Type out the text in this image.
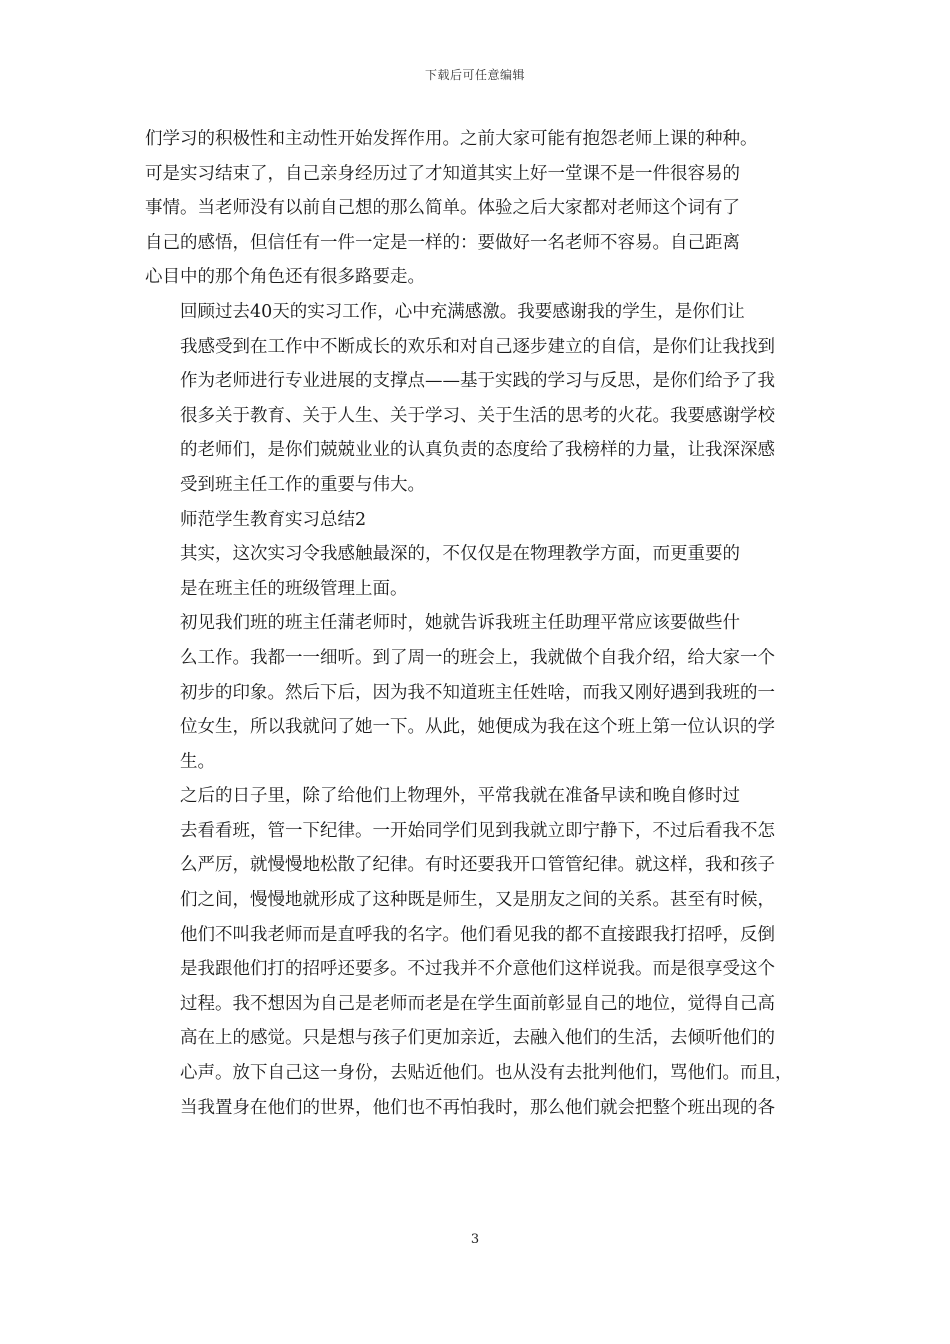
下载后可任意编辑

们学习的积极性和主动性开始发挥作用。之前大家可能有抱怨老师上课的种种。
可是实习结束了，自己亲身经历过了才知道其实上好一堂课不是一件很容易的
事情。当老师没有以前自己想的那么简单。体验之后大家都对老师这个词有了
自己的感悟，但信任有一件一定是一样的：要做好一名老师不容易。自己距离
心目中的那个角色还有很多路要走。

回顾过去40天的实习工作，心中充满感激。我要感谢我的学生，是你们让
我感受到在工作中不断成长的欢乐和对自己逐步建立的自信，是你们让我找到
作为老师进行专业进展的支撑点——基于实践的学习与反思，是你们给予了我
很多关于教育、关于人生、关于学习、关于生活的思考的火花。我要感谢学校
的老师们，是你们兢兢业业的认真负责的态度给了我榜样的力量，让我深深感
受到班主任工作的重要与伟大。

师范学生教育实习总结2

其实，这次实习令我感触最深的，不仅仅是在物理教学方面，而更重要的
是在班主任的班级管理上面。

初见我们班的班主任蒲老师时，她就告诉我班主任助理平常应该要做些什
么工作。我都一一细听。到了周一的班会上，我就做个自我介绍，给大家一个
初步的印象。然后下后，因为我不知道班主任姓啥，而我又刚好遇到我班的一
位女生，所以我就问了她一下。从此，她便成为我在这个班上第一位认识的学
生。

之后的日子里，除了给他们上物理外，平常我就在准备早读和晚自修时过
去看看班，管一下纪律。一开始同学们见到我就立即宁静下，不过后看我不怎
么严厉，就慢慢地松散了纪律。有时还要我开口管管纪律。就这样，我和孩子
们之间，慢慢地就形成了这种既是师生，又是朋友之间的关系。甚至有时候，
他们不叫我老师而是直呼我的名字。他们看见我的都不直接跟我打招呼，反倒
是我跟他们打的招呼还要多。不过我并不介意他们这样说我。而是很享受这个
过程。我不想因为自己是老师而老是在学生面前彰显自己的地位，觉得自己高
高在上的感觉。只是想与孩子们更加亲近，去融入他们的生活，去倾听他们的
心声。放下自己这一身份，去贴近他们。也从没有去批判他们，骂他们。而且，
当我置身在他们的世界，他们也不再怕我时，那么他们就会把整个班出现的各

3
